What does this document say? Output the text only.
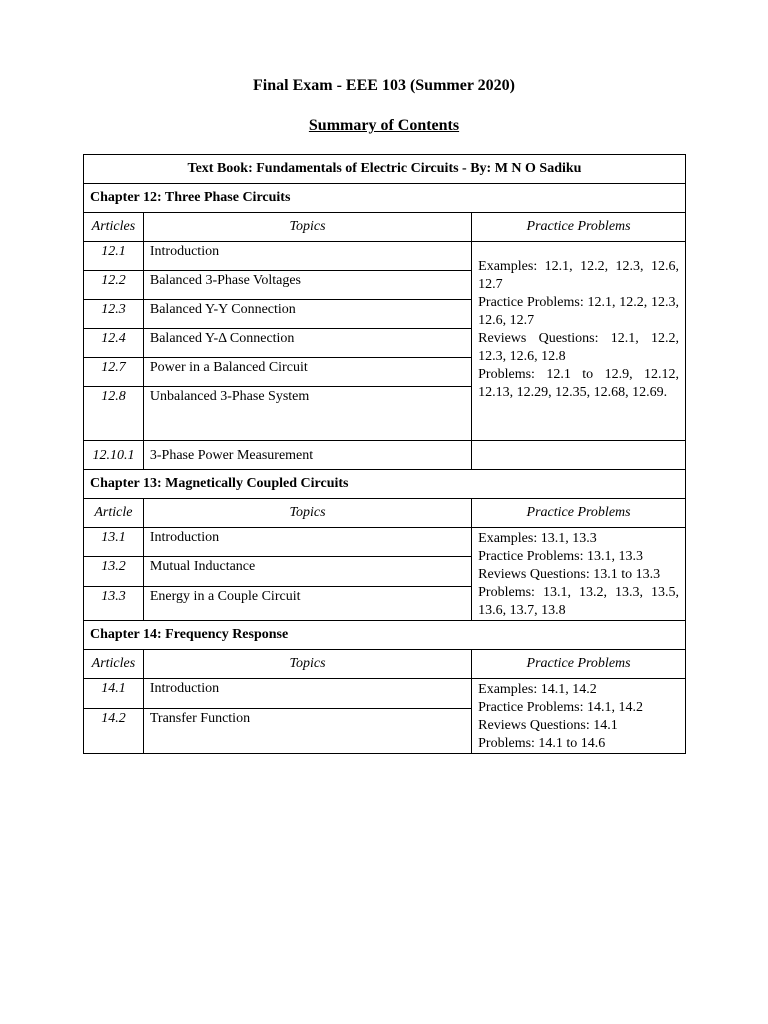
Final Exam - EEE 103 (Summer 2020)
Summary of Contents
Text Book: Fundamentals of Electric Circuits - By: M N O Sadiku		
Chapter 12: Three Phase Circuits		
Articles	Topics	Practice Problems
12.1	Introduction	Examples: 12.1, 12.2, 12.3, 12.6, 12.7
Practice Problems: 12.1, 12.2, 12.3, 12.6, 12.7
Reviews Questions: 12.1, 12.2, 12.3, 12.6, 12.8
Problems: 12.1 to 12.9, 12.12, 12.13, 12.29, 12.35, 12.68, 12.69.

12.2	Balanced 3-Phase Voltages	
12.3	Balanced Y-Y Connection	
12.4	Balanced Y-Δ Connection	
12.7	Power in a Balanced Circuit	
12.8	Unbalanced 3-Phase System	
12.10.1	3-Phase Power Measurement	
Chapter 13: Magnetically Coupled Circuits		
Article	Topics	Practice Problems
13.1	Introduction	Examples: 13.1, 13.3
Practice Problems: 13.1, 13.3
Reviews Questions: 13.1 to 13.3
Problems: 13.1, 13.2, 13.3, 13.5, 13.6, 13.7, 13.8

13.2	Mutual Inductance	
13.3	Energy in a Couple Circuit	
Chapter 14: Frequency Response		
Articles	Topics	Practice Problems
14.1	Introduction	Examples: 14.1, 14.2
Practice Problems: 14.1, 14.2
Reviews Questions: 14.1
Problems: 14.1 to 14.6

14.2	Transfer Function	
